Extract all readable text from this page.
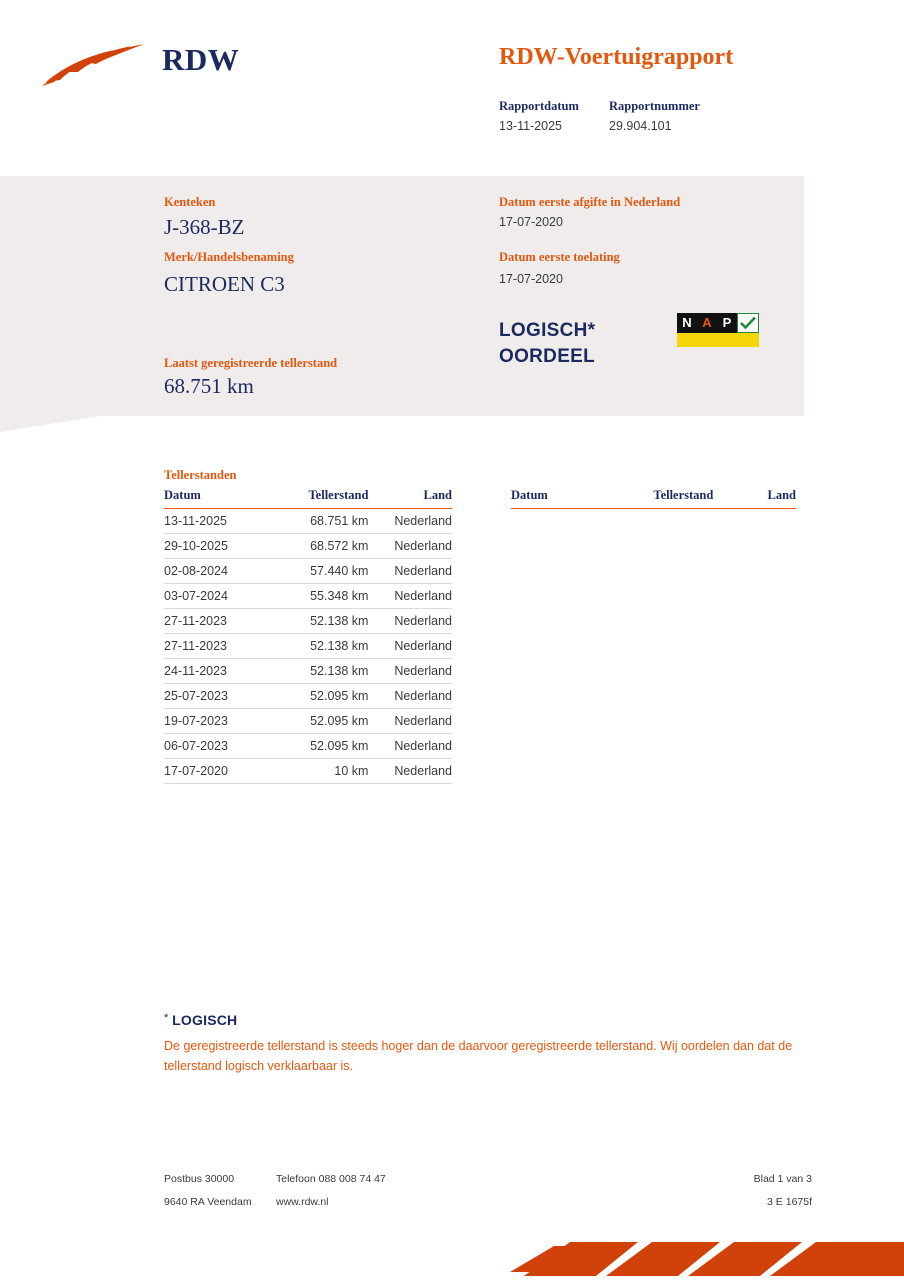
RDW	RDW-Voertuigrapport
Rapportdatum Rapportnummer
13-11-2025	29.904.101
Kenteken
J-368-BZ
Merk/Handelsbenaming
CITROEN C3
Laatst geregistreerde tellerstand
68.751 km
Datum eerste afgifte in Nederland
17-07-2020
Datum eerste toelating
17-07-2020
LOGISCH*
OORDEEL
N A P
Tellerstanden
Datum	Tellerstand	Land
13-11-2025	68.751 km	Nederland
29-10-2025	68.572 km	Nederland
02-08-2024	57.440 km	Nederland
03-07-2024	55.348 km	Nederland
27-11-2023	52.138 km	Nederland
27-11-2023	52.138 km	Nederland
24-11-2023	52.138 km	Nederland
25-07-2023	52.095 km	Nederland
19-07-2023	52.095 km	Nederland
06-07-2023	52.095 km	Nederland
17-07-2020	10 km	Nederland
Datum	Tellerstand	Land
* LOGISCH
De geregistreerde tellerstand is steeds hoger dan de daarvoor geregistreerde tellerstand. Wij oordelen dan dat de tellerstand logisch verklaarbaar is.
Postbus 30000
9640 RA Veendam
Telefoon 088 008 74 47
www.rdw.nl
Blad 1 van 3
3 E 1675f
